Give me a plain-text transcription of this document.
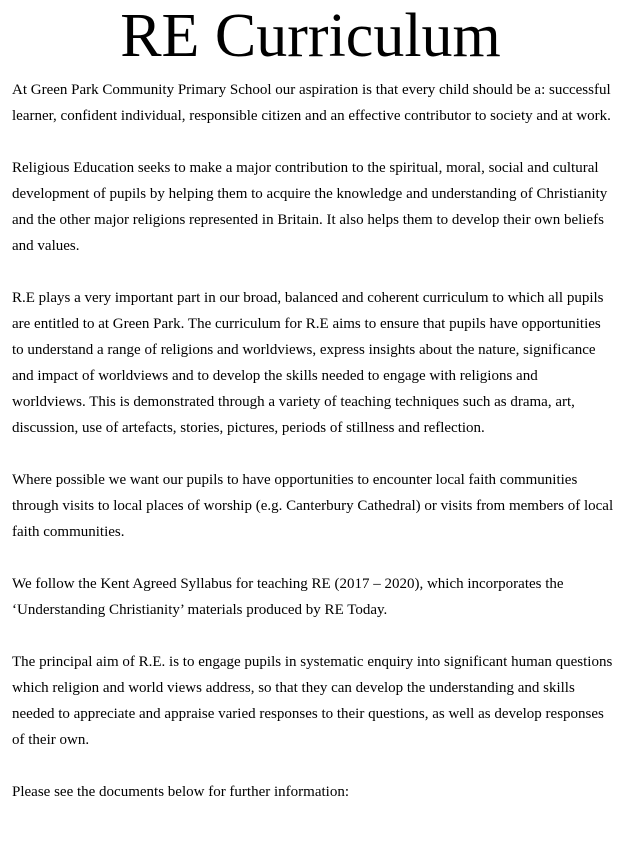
RE Curriculum

At Green Park Community Primary School our aspiration is that every child should be a: successful learner, confident individual, responsible citizen and an effective contributor to society and at work.

Religious Education seeks to make a major contribution to the spiritual, moral, social and cultural development of pupils by helping them to acquire the knowledge and understanding of Christianity and the other major religions represented in Britain. It also helps them to develop their own beliefs and values.

R.E plays a very important part in our broad, balanced and coherent curriculum to which all pupils are entitled to at Green Park. The curriculum for R.E aims to ensure that pupils have opportunities to understand a range of religions and worldviews, express insights about the nature, significance and impact of worldviews and to develop the skills needed to engage with religions and worldviews. This is demonstrated through a variety of teaching techniques such as drama, art, discussion, use of artefacts, stories, pictures, periods of stillness and reflection.

Where possible we want our pupils to have opportunities to encounter local faith communities through visits to local places of worship (e.g. Canterbury Cathedral) or visits from members of local faith communities.

We follow the Kent Agreed Syllabus for teaching RE (2017 – 2020), which incorporates the ‘Understanding Christianity’ materials produced by RE Today.

The principal aim of R.E. is to engage pupils in systematic enquiry into significant human questions which religion and world views address, so that they can develop the understanding and skills needed to appreciate and appraise varied responses to their questions, as well as develop responses of their own.

Please see the documents below for further information:
